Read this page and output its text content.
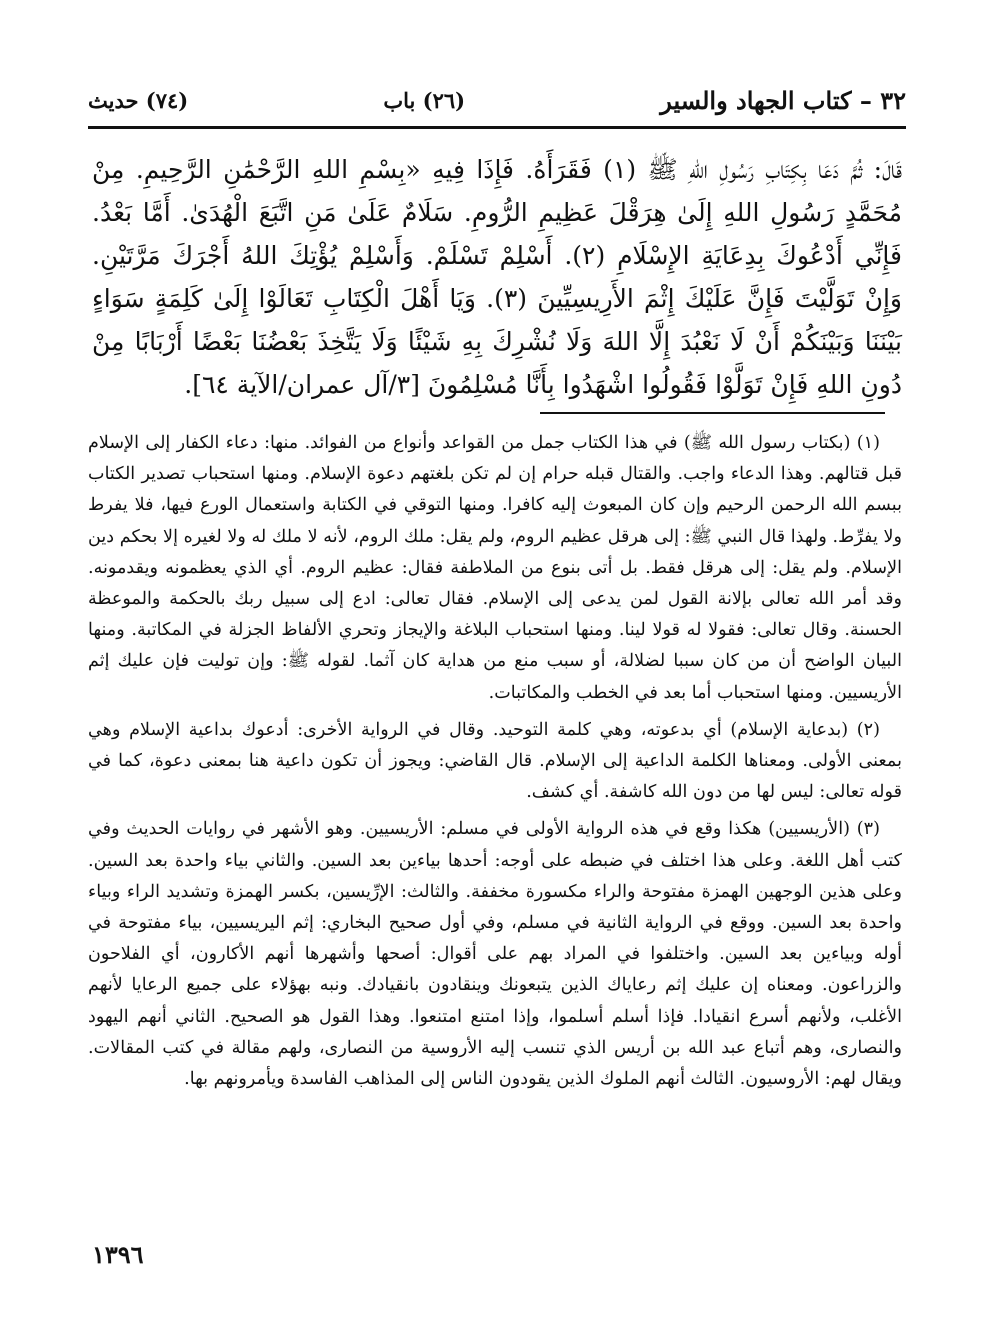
٣٢ – كتاب الجهاد والسير
(٢٦) باب
(٧٤) حديث
قَالَ: ثُمَّ دَعَا بِكِتَابِ رَسُولِ اللهِ ﷺ (١) فَقَرَأَهُ. فَإِذَا فِيهِ «بِسْمِ اللهِ الرَّحْمَٰنِ الرَّحِيمِ. مِنْ مُحَمَّدٍ رَسُولِ اللهِ إِلَىٰ هِرَقْلَ عَظِيمِ الرُّومِ. سَلَامٌ عَلَىٰ مَنِ اتَّبَعَ الْهُدَىٰ. أَمَّا بَعْدُ. فَإِنِّي أَدْعُوكَ بِدِعَايَةِ الإِسْلَامِ (٢). أَسْلِمْ تَسْلَمْ. وَأَسْلِمْ يُؤْتِكَ اللهُ أَجْرَكَ مَرَّتَيْنِ. وَإِنْ تَوَلَّيْتَ فَإِنَّ عَلَيْكَ إِثْمَ الأَرِيسِيِّينَ (٣). وَيَا أَهْلَ الْكِتَابِ تَعَالَوْا إِلَىٰ كَلِمَةٍ سَوَاءٍ بَيْنَنَا وَبَيْنَكُمْ أَنْ لَا نَعْبُدَ إِلَّا اللهَ وَلَا نُشْرِكَ بِهِ شَيْئًا وَلَا يَتَّخِذَ بَعْضُنَا بَعْضًا أَرْبَابًا مِنْ دُونِ اللهِ فَإِنْ تَوَلَّوْا فَقُولُوا اشْهَدُوا بِأَنَّا مُسْلِمُونَ [٣/آل عمران/الآية ٦٤].

(١) (بكتاب رسول الله ﷺ) في هذا الكتاب جمل من القواعد وأنواع من الفوائد. منها: دعاء الكفار إلى الإسلام قبل قتالهم. وهذا الدعاء واجب. والقتال قبله حرام إن لم تكن بلغتهم دعوة الإسلام. ومنها استحباب تصدير الكتاب ببسم الله الرحمن الرحيم وإن كان المبعوث إليه كافرا. ومنها التوقي في الكتابة واستعمال الورع فيها، فلا يفرط ولا يفرِّط. ولهذا قال النبي ﷺ: إلى هرقل عظيم الروم، ولم يقل: ملك الروم، لأنه لا ملك له ولا لغيره إلا بحكم دين الإسلام. ولم يقل: إلى هرقل فقط. بل أتى بنوع من الملاطفة فقال: عظيم الروم. أي الذي يعظمونه ويقدمونه. وقد أمر الله تعالى بإلانة القول لمن يدعى إلى الإسلام. فقال تعالى: ادع إلى سبيل ربك بالحكمة والموعظة الحسنة. وقال تعالى: فقولا له قولا لينا. ومنها استحباب البلاغة والإيجاز وتحري الألفاظ الجزلة في المكاتبة. ومنها البيان الواضح أن من كان سببا لضلالة، أو سبب منع من هداية كان آثما. لقوله ﷺ: وإن توليت فإن عليك إثم الأريسيين. ومنها استحباب أما بعد في الخطب والمكاتبات.

(٢) (بدعاية الإسلام) أي بدعوته، وهي كلمة التوحيد. وقال في الرواية الأخرى: أدعوك بداعية الإسلام وهي بمعنى الأولى. ومعناها الكلمة الداعية إلى الإسلام. قال القاضي: ويجوز أن تكون داعية هنا بمعنى دعوة، كما في قوله تعالى: ليس لها من دون الله كاشفة. أي كشف.

(٣) (الأريسيين) هكذا وقع في هذه الرواية الأولى في مسلم: الأريسيين. وهو الأشهر في روايات الحديث وفي كتب أهل اللغة. وعلى هذا اختلف في ضبطه على أوجه: أحدها بياءين بعد السين. والثاني بياء واحدة بعد السين. وعلى هذين الوجهين الهمزة مفتوحة والراء مكسورة مخففة. والثالث: الإرِّيسين، بكسر الهمزة وتشديد الراء وبياء واحدة بعد السين. ووقع في الرواية الثانية في مسلم، وفي أول صحيح البخاري: إثم اليريسيين، بياء مفتوحة في أوله وبياءين بعد السين. واختلفوا في المراد بهم على أقوال: أصحها وأشهرها أنهم الأكارون، أي الفلاحون والزراعون. ومعناه إن عليك إثم رعاياك الذين يتبعونك وينقادون بانقيادك. ونبه بهؤلاء على جميع الرعايا لأنهم الأغلب، ولأنهم أسرع انقيادا. فإذا أسلم أسلموا، وإذا امتنع امتنعوا. وهذا القول هو الصحيح. الثاني أنهم اليهود والنصارى، وهم أتباع عبد الله بن أريس الذي تنسب إليه الأروسية من النصارى، ولهم مقالة في كتب المقالات. ويقال لهم: الأروسيون. الثالث أنهم الملوك الذين يقودون الناس إلى المذاهب الفاسدة ويأمرونهم بها.

١٣٩٦
